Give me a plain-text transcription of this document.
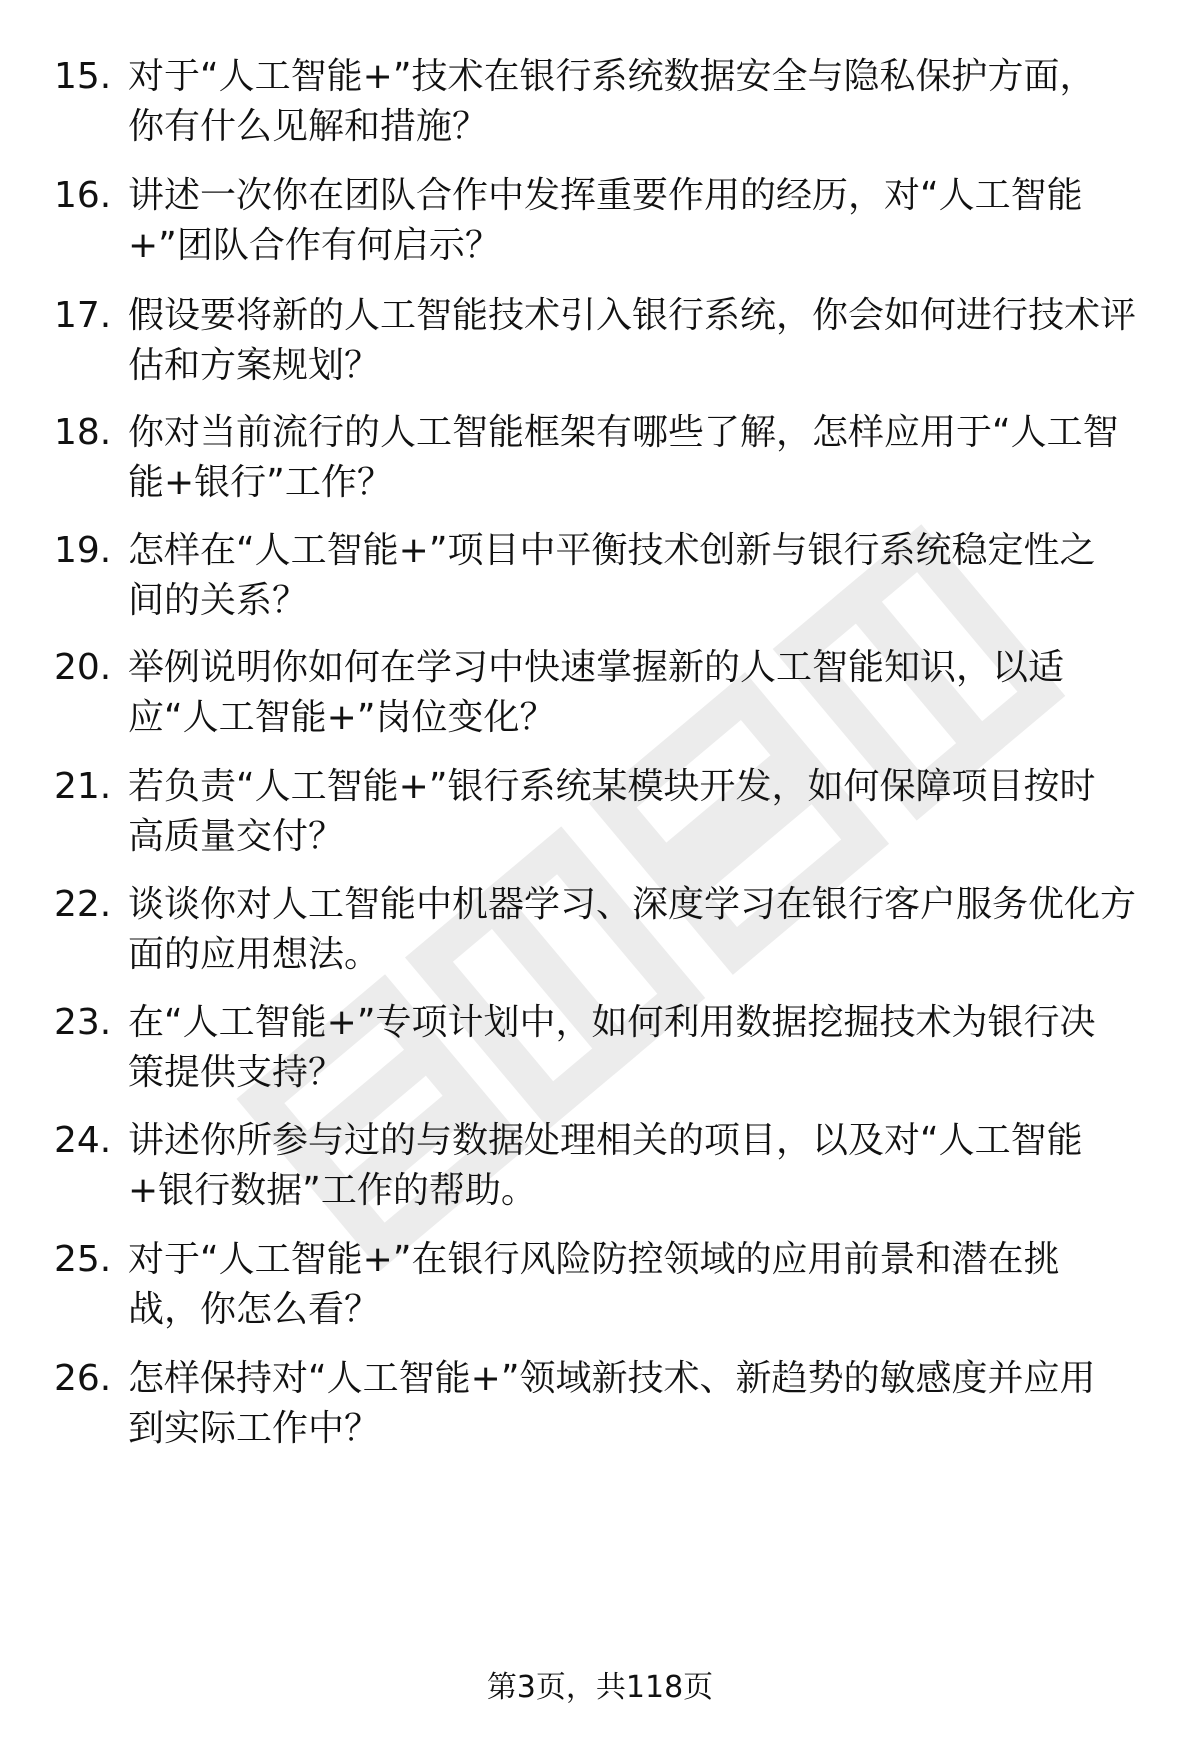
15. 对于“人工智能+”技术在银行系统数据安全与隐私保护方面，
你有什么见解和措施？
16. 讲述一次你在团队合作中发挥重要作用的经历，对“人工智能
+”团队合作有何启示？
17. 假设要将新的人工智能技术引入银行系统，你会如何进行技术评
估和方案规划？
18. 你对当前流行的人工智能框架有哪些了解，怎样应用于“人工智
能+银行”工作？
19. 怎样在“人工智能+”项目中平衡技术创新与银行系统稳定性之
间的关系？
20. 举例说明你如何在学习中快速掌握新的人工智能知识，以适
应“人工智能+”岗位变化？
21. 若负责“人工智能+”银行系统某模块开发，如何保障项目按时
高质量交付？
22. 谈谈你对人工智能中机器学习、深度学习在银行客户服务优化方
面的应用想法。
23. 在“人工智能+”专项计划中，如何利用数据挖掘技术为银行决
策提供支持？
24. 讲述你所参与过的与数据处理相关的项目，以及对“人工智能
+银行数据”工作的帮助。
25. 对于“人工智能+”在银行风险防控领域的应用前景和潜在挑
战，你怎么看？
26. 怎样保持对“人工智能+”领域新技术、新趋势的敏感度并应用
到实际工作中？
第3页，共118页
